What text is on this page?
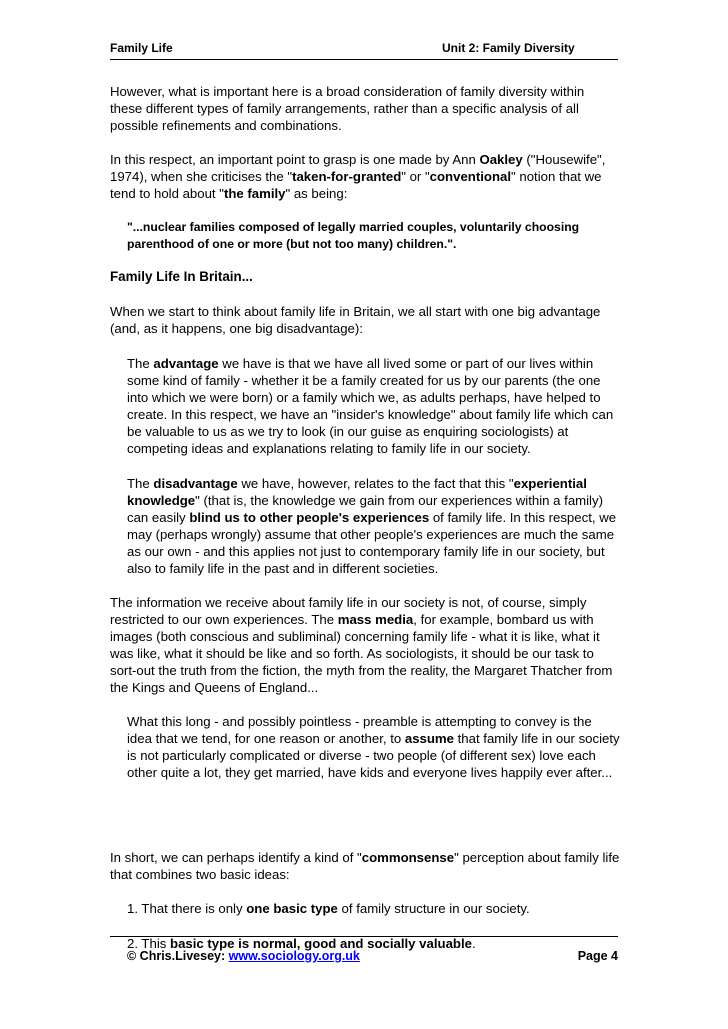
Family Life	Unit 2: Family Diversity

However, what is important here is a broad consideration of family diversity within these different types of family arrangements, rather than a specific analysis of all possible refinements and combinations.

In this respect, an important point to grasp is one made by Ann Oakley ("Housewife", 1974), when she criticises the "taken-for-granted" or "conventional" notion that we tend to hold about "the family" as being:

"...nuclear families composed of legally married couples, voluntarily choosing parenthood of one or more (but not too many) children.".

Family Life In Britain...

When we start to think about family life in Britain, we all start with one big advantage (and, as it happens, one big disadvantage):

The advantage we have is that we have all lived some or part of our lives within some kind of family - whether it be a family created for us by our parents (the one into which we were born) or a family which we, as adults perhaps, have helped to create. In this respect, we have an "insider's knowledge" about family life which can be valuable to us as we try to look (in our guise as enquiring sociologists) at competing ideas and explanations relating to family life in our society.

The disadvantage we have, however, relates to the fact that this "experiential knowledge" (that is, the knowledge we gain from our experiences within a family) can easily blind us to other people's experiences of family life. In this respect, we may (perhaps wrongly) assume that other people's experiences are much the same as our own - and this applies not just to contemporary family life in our society, but also to family life in the past and in different societies.

The information we receive about family life in our society is not, of course, simply restricted to our own experiences. The mass media, for example, bombard us with images (both conscious and subliminal) concerning family life - what it is like, what it was like, what it should be like and so forth. As sociologists, it should be our task to sort-out the truth from the fiction, the myth from the reality, the Margaret Thatcher from the Kings and Queens of England...

What this long - and possibly pointless - preamble is attempting to convey is the idea that we tend, for one reason or another, to assume that family life in our society is not particularly complicated or diverse - two people (of different sex) love each other quite a lot, they get married, have kids and everyone lives happily ever after...

In short, we can perhaps identify a kind of "commonsense" perception about family life that combines two basic ideas:

1. That there is only one basic type of family structure in our society.

2. This basic type is normal, good and socially valuable.

© Chris.Livesey: www.sociology.org.uk	Page 4
